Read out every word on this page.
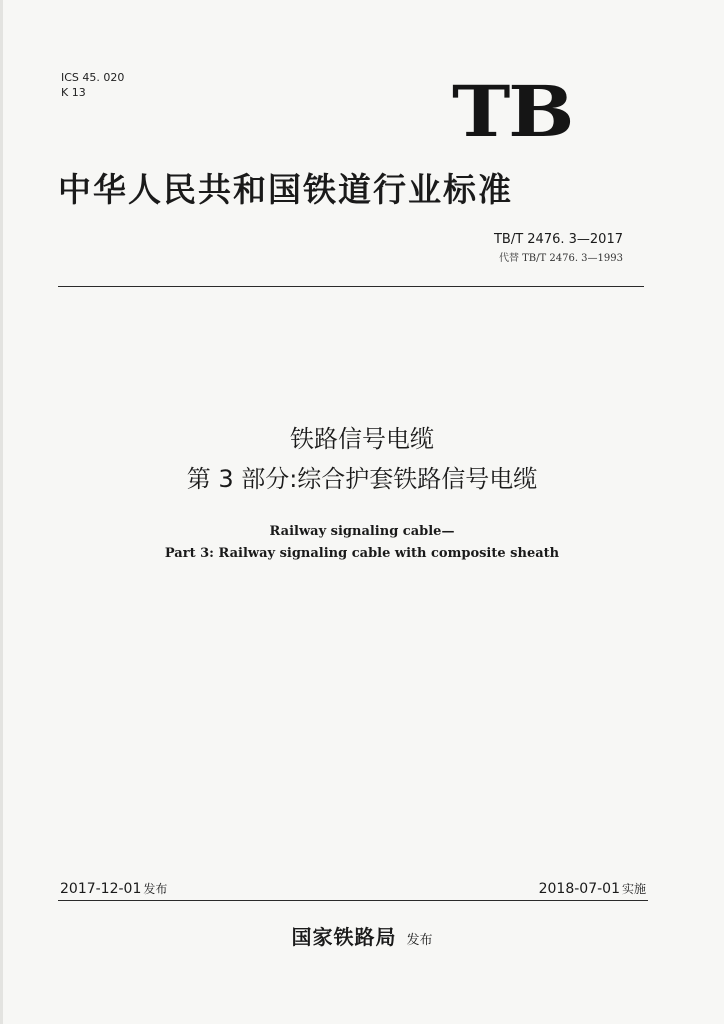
ICS 45. 020
K 13	TB
中华人民共和国铁道行业标准
TB/T 2476. 3—2017
代替 TB/T 2476. 3—1993
铁路信号电缆
第 3 部分:综合护套铁路信号电缆
Railway signaling cable—
Part 3: Railway signaling cable with composite sheath
2017-12-01 发布	2018-07-01 实施
国家铁路局 发布
